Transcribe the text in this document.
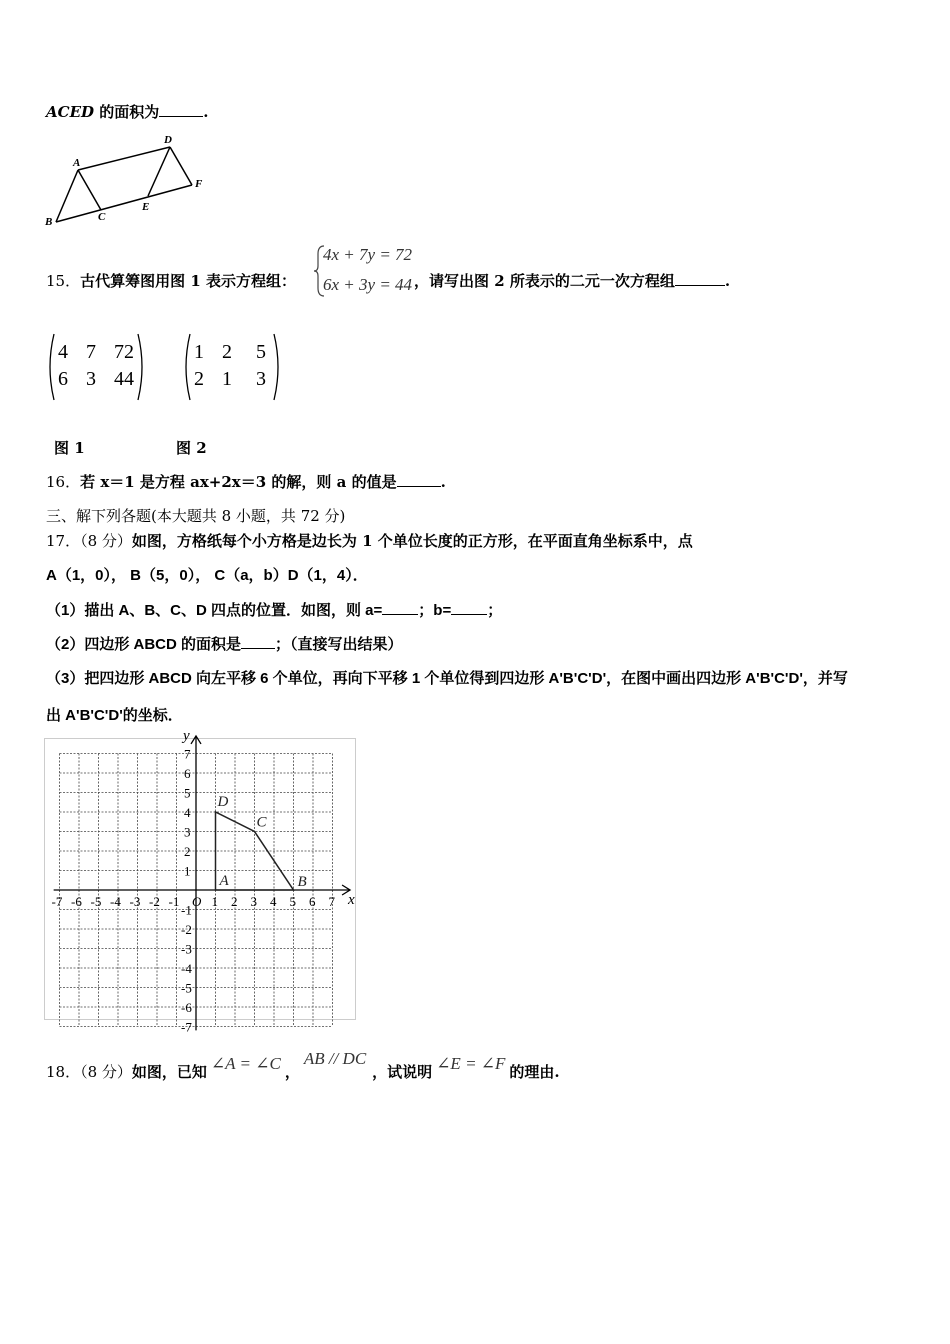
ACED 的面积为	.
A
B	C
D
E
F
15．古代算筹图用图 1 表示方程组：	，请写出图 2 所表示的二元一次方程组	.
4x + 7y = 72
6x + 3y = 44
4 7 72
6 3 44
1 2 5
2 1 3
图 1	图 2
16．若 x＝1 是方程 ax+2x＝3 的解，则 a 的值是	.
三、解下列各题(本大题共 8 小题，共 72 分)
17．（8 分）如图，方格纸每个小方格是边长为 1 个单位长度的正方形，在平面直角坐标系中，点
A（1，0）， B（5，0）， C（a，b）D（1，4）．
（1）描出 A、B、C、D 四点的位置．如图，则 a= ；b= ；
（2）四边形 ABCD 的面积是 ；（直接写出结果）
（3）把四边形 ABCD 向左平移 6 个单位，再向下平移 1 个单位得到四边形 A'B'C'D'，在图中画出四边形 A'B'C'D'，并写
出 A'B'C'D'的坐标．
-7 -6 -5 -4 -3 -2 -1 O 1 2 3 4 5 6 7
7
6
5
4
3
2
1
-1
-2
-3
-4
-5
-6
-7
x
y
A	B
C
D
18．（8 分）如图，已知 ∠A = ∠C ，AB // DC，试说明 ∠E = ∠F 的理由.
